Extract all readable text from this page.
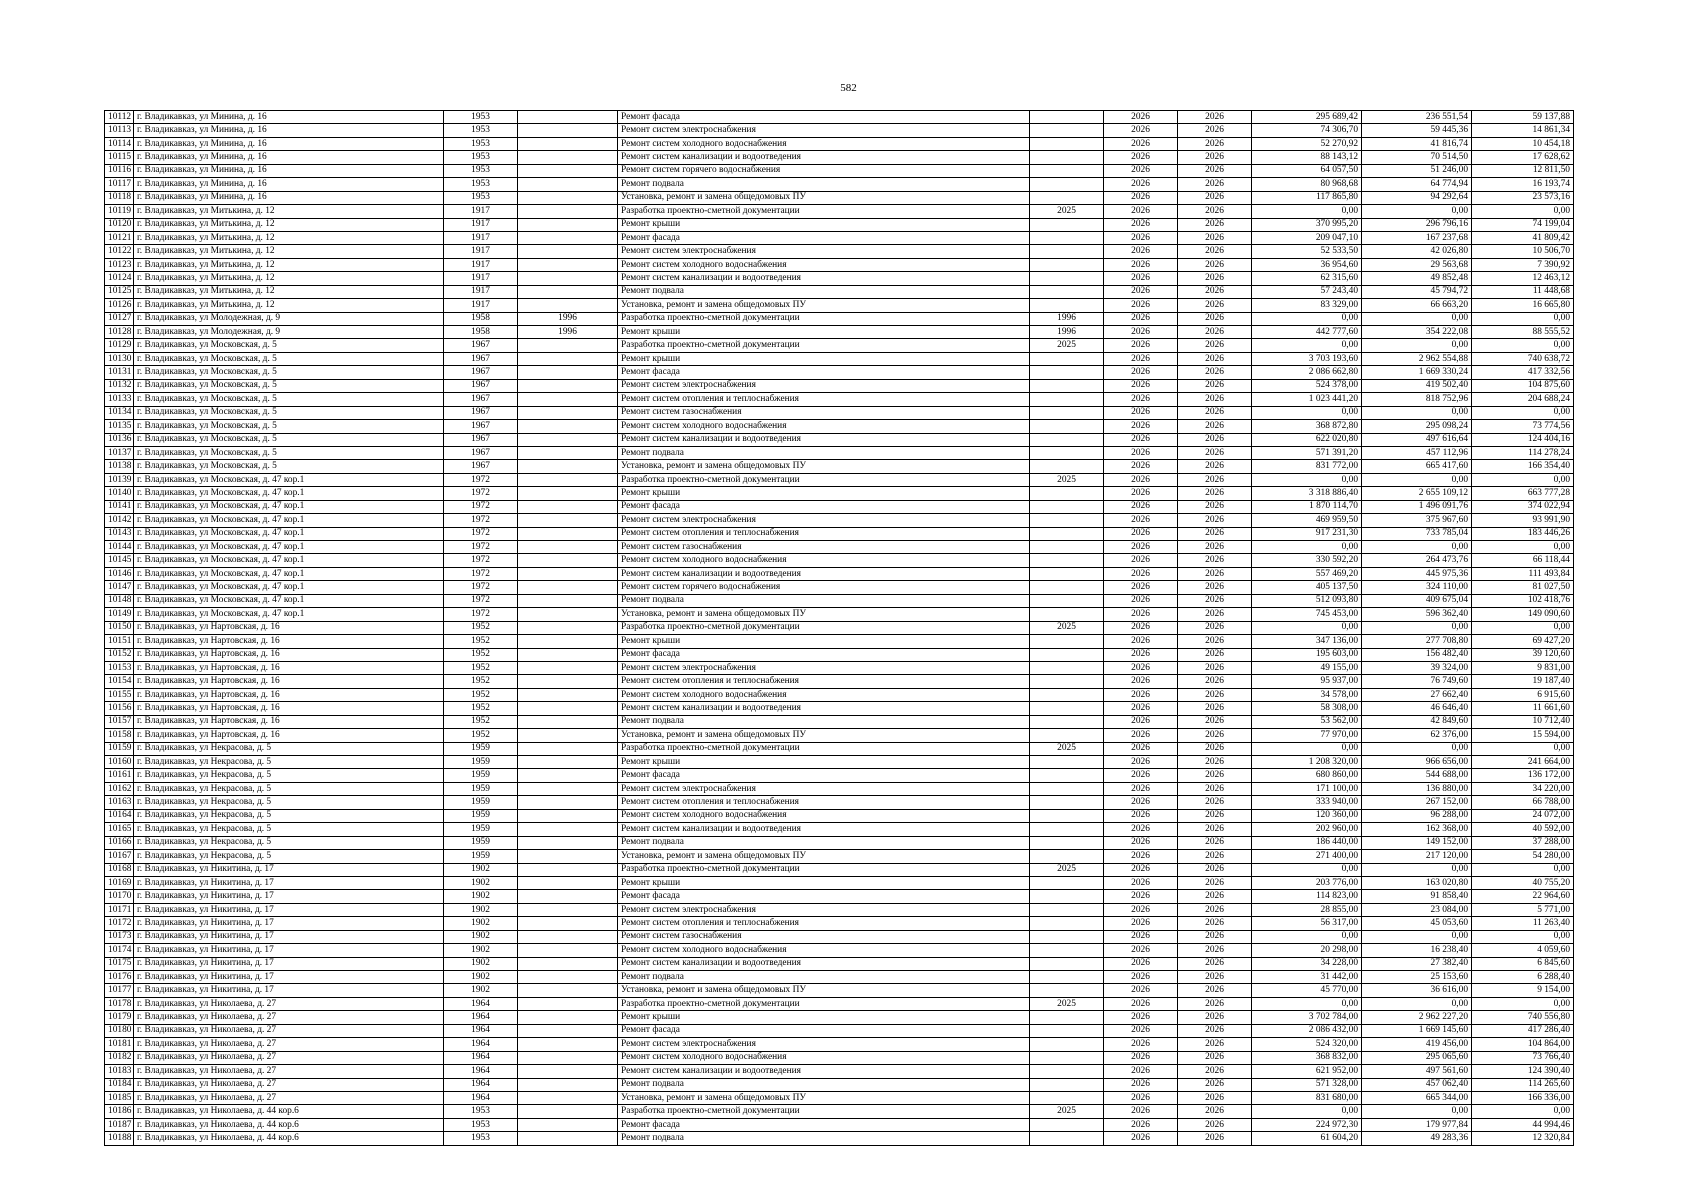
582
10112	г. Владикавказ, ул Минина, д. 16	1953		Ремонт фасада		2026	2026	295 689,42	236 551,54	59 137,88
10113	г. Владикавказ, ул Минина, д. 16	1953		Ремонт систем электроснабжения		2026	2026	74 306,70	59 445,36	14 861,34
10114	г. Владикавказ, ул Минина, д. 16	1953		Ремонт систем холодного водоснабжения		2026	2026	52 270,92	41 816,74	10 454,18
10115	г. Владикавказ, ул Минина, д. 16	1953		Ремонт систем канализации и водоотведения		2026	2026	88 143,12	70 514,50	17 628,62
10116	г. Владикавказ, ул Минина, д. 16	1953		Ремонт систем горячего водоснабжения		2026	2026	64 057,50	51 246,00	12 811,50
10117	г. Владикавказ, ул Минина, д. 16	1953		Ремонт подвала		2026	2026	80 968,68	64 774,94	16 193,74
10118	г. Владикавказ, ул Минина, д. 16	1953		Установка, ремонт и замена общедомовых ПУ		2026	2026	117 865,80	94 292,64	23 573,16
10119	г. Владикавказ, ул Митькина, д. 12	1917		Разработка проектно-сметной документации	2025	2026	2026	0,00	0,00	0,00
10120	г. Владикавказ, ул Митькина, д. 12	1917		Ремонт крыши		2026	2026	370 995,20	296 796,16	74 199,04
10121	г. Владикавказ, ул Митькина, д. 12	1917		Ремонт фасада		2026	2026	209 047,10	167 237,68	41 809,42
10122	г. Владикавказ, ул Митькина, д. 12	1917		Ремонт систем электроснабжения		2026	2026	52 533,50	42 026,80	10 506,70
10123	г. Владикавказ, ул Митькина, д. 12	1917		Ремонт систем холодного водоснабжения		2026	2026	36 954,60	29 563,68	7 390,92
10124	г. Владикавказ, ул Митькина, д. 12	1917		Ремонт систем канализации и водоотведения		2026	2026	62 315,60	49 852,48	12 463,12
10125	г. Владикавказ, ул Митькина, д. 12	1917		Ремонт подвала		2026	2026	57 243,40	45 794,72	11 448,68
10126	г. Владикавказ, ул Митькина, д. 12	1917		Установка, ремонт и замена общедомовых ПУ		2026	2026	83 329,00	66 663,20	16 665,80
10127	г. Владикавказ, ул Молодежная, д. 9	1958	1996	Разработка проектно-сметной документации	1996	2026	2026	0,00	0,00	0,00
10128	г. Владикавказ, ул Молодежная, д. 9	1958	1996	Ремонт крыши	1996	2026	2026	442 777,60	354 222,08	88 555,52
10129	г. Владикавказ, ул Московская, д. 5	1967		Разработка проектно-сметной документации	2025	2026	2026	0,00	0,00	0,00
10130	г. Владикавказ, ул Московская, д. 5	1967		Ремонт крыши		2026	2026	3 703 193,60	2 962 554,88	740 638,72
10131	г. Владикавказ, ул Московская, д. 5	1967		Ремонт фасада		2026	2026	2 086 662,80	1 669 330,24	417 332,56
10132	г. Владикавказ, ул Московская, д. 5	1967		Ремонт систем электроснабжения		2026	2026	524 378,00	419 502,40	104 875,60
10133	г. Владикавказ, ул Московская, д. 5	1967		Ремонт систем отопления и теплоснабжения		2026	2026	1 023 441,20	818 752,96	204 688,24
10134	г. Владикавказ, ул Московская, д. 5	1967		Ремонт систем газоснабжения		2026	2026	0,00	0,00	0,00
10135	г. Владикавказ, ул Московская, д. 5	1967		Ремонт систем холодного водоснабжения		2026	2026	368 872,80	295 098,24	73 774,56
10136	г. Владикавказ, ул Московская, д. 5	1967		Ремонт систем канализации и водоотведения		2026	2026	622 020,80	497 616,64	124 404,16
10137	г. Владикавказ, ул Московская, д. 5	1967		Ремонт подвала		2026	2026	571 391,20	457 112,96	114 278,24
10138	г. Владикавказ, ул Московская, д. 5	1967		Установка, ремонт и замена общедомовых ПУ		2026	2026	831 772,00	665 417,60	166 354,40
10139	г. Владикавказ, ул Московская, д. 47 кор.1	1972		Разработка проектно-сметной документации	2025	2026	2026	0,00	0,00	0,00
10140	г. Владикавказ, ул Московская, д. 47 кор.1	1972		Ремонт крыши		2026	2026	3 318 886,40	2 655 109,12	663 777,28
10141	г. Владикавказ, ул Московская, д. 47 кор.1	1972		Ремонт фасада		2026	2026	1 870 114,70	1 496 091,76	374 022,94
10142	г. Владикавказ, ул Московская, д. 47 кор.1	1972		Ремонт систем электроснабжения		2026	2026	469 959,50	375 967,60	93 991,90
10143	г. Владикавказ, ул Московская, д. 47 кор.1	1972		Ремонт систем отопления и теплоснабжения		2026	2026	917 231,30	733 785,04	183 446,26
10144	г. Владикавказ, ул Московская, д. 47 кор.1	1972		Ремонт систем газоснабжения		2026	2026	0,00	0,00	0,00
10145	г. Владикавказ, ул Московская, д. 47 кор.1	1972		Ремонт систем холодного водоснабжения		2026	2026	330 592,20	264 473,76	66 118,44
10146	г. Владикавказ, ул Московская, д. 47 кор.1	1972		Ремонт систем канализации и водоотведения		2026	2026	557 469,20	445 975,36	111 493,84
10147	г. Владикавказ, ул Московская, д. 47 кор.1	1972		Ремонт систем горячего водоснабжения		2026	2026	405 137,50	324 110,00	81 027,50
10148	г. Владикавказ, ул Московская, д. 47 кор.1	1972		Ремонт подвала		2026	2026	512 093,80	409 675,04	102 418,76
10149	г. Владикавказ, ул Московская, д. 47 кор.1	1972		Установка, ремонт и замена общедомовых ПУ		2026	2026	745 453,00	596 362,40	149 090,60
10150	г. Владикавказ, ул Нартовская, д. 16	1952		Разработка проектно-сметной документации	2025	2026	2026	0,00	0,00	0,00
10151	г. Владикавказ, ул Нартовская, д. 16	1952		Ремонт крыши		2026	2026	347 136,00	277 708,80	69 427,20
10152	г. Владикавказ, ул Нартовская, д. 16	1952		Ремонт фасада		2026	2026	195 603,00	156 482,40	39 120,60
10153	г. Владикавказ, ул Нартовская, д. 16	1952		Ремонт систем электроснабжения		2026	2026	49 155,00	39 324,00	9 831,00
10154	г. Владикавказ, ул Нартовская, д. 16	1952		Ремонт систем отопления и теплоснабжения		2026	2026	95 937,00	76 749,60	19 187,40
10155	г. Владикавказ, ул Нартовская, д. 16	1952		Ремонт систем холодного водоснабжения		2026	2026	34 578,00	27 662,40	6 915,60
10156	г. Владикавказ, ул Нартовская, д. 16	1952		Ремонт систем канализации и водоотведения		2026	2026	58 308,00	46 646,40	11 661,60
10157	г. Владикавказ, ул Нартовская, д. 16	1952		Ремонт подвала		2026	2026	53 562,00	42 849,60	10 712,40
10158	г. Владикавказ, ул Нартовская, д. 16	1952		Установка, ремонт и замена общедомовых ПУ		2026	2026	77 970,00	62 376,00	15 594,00
10159	г. Владикавказ, ул Некрасова, д. 5	1959		Разработка проектно-сметной документации	2025	2026	2026	0,00	0,00	0,00
10160	г. Владикавказ, ул Некрасова, д. 5	1959		Ремонт крыши		2026	2026	1 208 320,00	966 656,00	241 664,00
10161	г. Владикавказ, ул Некрасова, д. 5	1959		Ремонт фасада		2026	2026	680 860,00	544 688,00	136 172,00
10162	г. Владикавказ, ул Некрасова, д. 5	1959		Ремонт систем электроснабжения		2026	2026	171 100,00	136 880,00	34 220,00
10163	г. Владикавказ, ул Некрасова, д. 5	1959		Ремонт систем отопления и теплоснабжения		2026	2026	333 940,00	267 152,00	66 788,00
10164	г. Владикавказ, ул Некрасова, д. 5	1959		Ремонт систем холодного водоснабжения		2026	2026	120 360,00	96 288,00	24 072,00
10165	г. Владикавказ, ул Некрасова, д. 5	1959		Ремонт систем канализации и водоотведения		2026	2026	202 960,00	162 368,00	40 592,00
10166	г. Владикавказ, ул Некрасова, д. 5	1959		Ремонт подвала		2026	2026	186 440,00	149 152,00	37 288,00
10167	г. Владикавказ, ул Некрасова, д. 5	1959		Установка, ремонт и замена общедомовых ПУ		2026	2026	271 400,00	217 120,00	54 280,00
10168	г. Владикавказ, ул Никитина, д. 17	1902		Разработка проектно-сметной документации	2025	2026	2026	0,00	0,00	0,00
10169	г. Владикавказ, ул Никитина, д. 17	1902		Ремонт крыши		2026	2026	203 776,00	163 020,80	40 755,20
10170	г. Владикавказ, ул Никитина, д. 17	1902		Ремонт фасада		2026	2026	114 823,00	91 858,40	22 964,60
10171	г. Владикавказ, ул Никитина, д. 17	1902		Ремонт систем электроснабжения		2026	2026	28 855,00	23 084,00	5 771,00
10172	г. Владикавказ, ул Никитина, д. 17	1902		Ремонт систем отопления и теплоснабжения		2026	2026	56 317,00	45 053,60	11 263,40
10173	г. Владикавказ, ул Никитина, д. 17	1902		Ремонт систем газоснабжения		2026	2026	0,00	0,00	0,00
10174	г. Владикавказ, ул Никитина, д. 17	1902		Ремонт систем холодного водоснабжения		2026	2026	20 298,00	16 238,40	4 059,60
10175	г. Владикавказ, ул Никитина, д. 17	1902		Ремонт систем канализации и водоотведения		2026	2026	34 228,00	27 382,40	6 845,60
10176	г. Владикавказ, ул Никитина, д. 17	1902		Ремонт подвала		2026	2026	31 442,00	25 153,60	6 288,40
10177	г. Владикавказ, ул Никитина, д. 17	1902		Установка, ремонт и замена общедомовых ПУ		2026	2026	45 770,00	36 616,00	9 154,00
10178	г. Владикавказ, ул Николаева, д. 27	1964		Разработка проектно-сметной документации	2025	2026	2026	0,00	0,00	0,00
10179	г. Владикавказ, ул Николаева, д. 27	1964		Ремонт крыши		2026	2026	3 702 784,00	2 962 227,20	740 556,80
10180	г. Владикавказ, ул Николаева, д. 27	1964		Ремонт фасада		2026	2026	2 086 432,00	1 669 145,60	417 286,40
10181	г. Владикавказ, ул Николаева, д. 27	1964		Ремонт систем электроснабжения		2026	2026	524 320,00	419 456,00	104 864,00
10182	г. Владикавказ, ул Николаева, д. 27	1964		Ремонт систем холодного водоснабжения		2026	2026	368 832,00	295 065,60	73 766,40
10183	г. Владикавказ, ул Николаева, д. 27	1964		Ремонт систем канализации и водоотведения		2026	2026	621 952,00	497 561,60	124 390,40
10184	г. Владикавказ, ул Николаева, д. 27	1964		Ремонт подвала		2026	2026	571 328,00	457 062,40	114 265,60
10185	г. Владикавказ, ул Николаева, д. 27	1964		Установка, ремонт и замена общедомовых ПУ		2026	2026	831 680,00	665 344,00	166 336,00
10186	г. Владикавказ, ул Николаева, д. 44 кор.6	1953		Разработка проектно-сметной документации	2025	2026	2026	0,00	0,00	0,00
10187	г. Владикавказ, ул Николаева, д. 44 кор.6	1953		Ремонт фасада		2026	2026	224 972,30	179 977,84	44 994,46
10188	г. Владикавказ, ул Николаева, д. 44 кор.6	1953		Ремонт подвала		2026	2026	61 604,20	49 283,36	12 320,84
